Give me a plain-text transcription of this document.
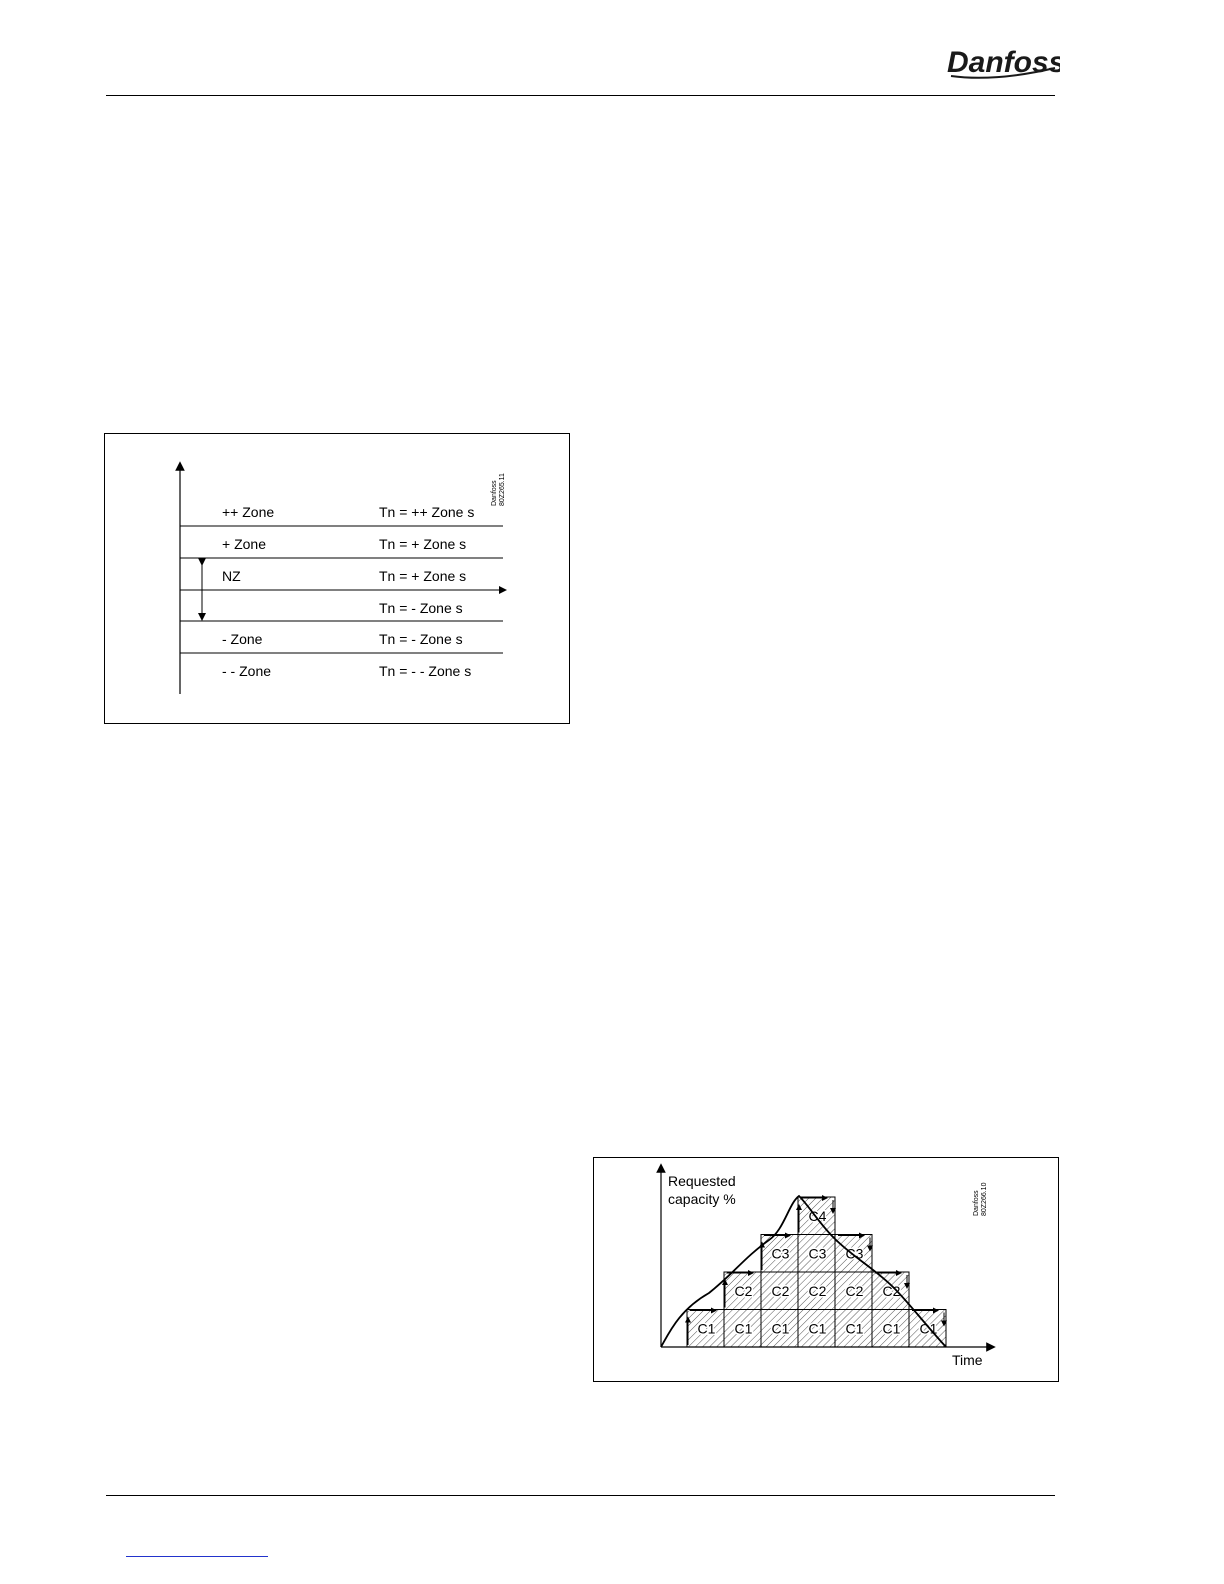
Danfoss
++ Zone
+ Zone
NZ
- Zone
- - Zone
Tn = ++ Zone s
Tn = + Zone s
Tn = + Zone s
Tn = - Zone s
Tn = - Zone s
Tn = - - Zone s
Danfoss 80Z265.11
C1 C1
C2
C1
C2
C3
C1
C2
C3
C4
C1
C2
C3
C1
C2
C1
Requested
capacity %
Time
Danfoss 80Z266.10
